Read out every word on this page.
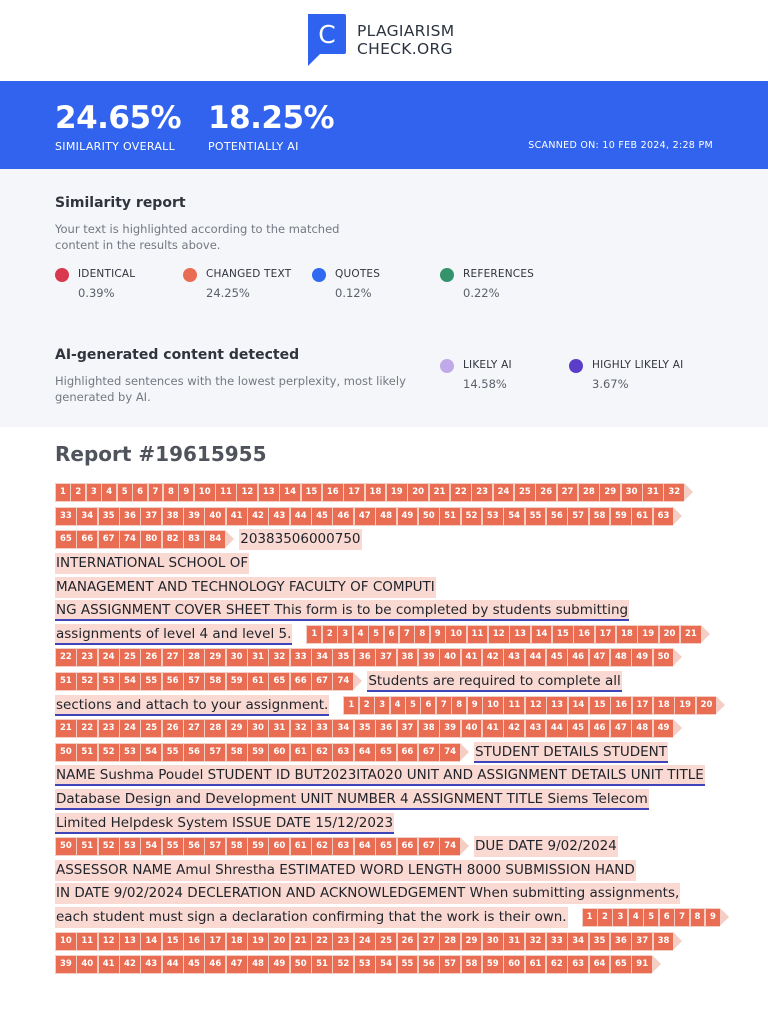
C PLAGIARISM
CHECK.ORG
24.65%
SIMILARITY OVERALL
18.25%
POTENTIALLY AI	SCANNED ON: 10 FEB 2024, 2:28 PM
Similarity report
Your text is highlighted according to the matched
content in the results above.
IDENTICAL
0.39%
CHANGED TEXT
24.25%
QUOTES
0.12%
REFERENCES
0.22%
AI-generated content detected
Highlighted sentences with the lowest perplexity, most likely
generated by AI.
LIKELY AI
14.58%
HIGHLY LIKELY AI
3.67%
Report #19615955
1	2	3	4	5	6	7	8	9	10	11	12	13	14	15	16	17	18	19	20	21	22	23	24	25	26	27	28	29	30	31	32
33	34	35	36	37	38	39	40	41	42	43	44	45	46	47	48	49	50	51	52	53	54	55	56	57	58	59	61	63
65	66	67	74	80	82	83	84 20383506000750
INTERNATIONAL SCHOOL OF
MANAGEMENT AND TECHNOLOGY FACULTY OF COMPUTI
NG ASSIGNMENT COVER SHEET This form is to be completed by students submitting
assignments of level 4 and level 5.	1	2	3	4	5	6	7	8	9	10	11	12	13	14	15	16	17	18	19	20	21
22	23	24	25	26	27	28	29	30	31	32	33	34	35	36	37	38	39	40	41	42	43	44	45	46	47	48	49	50
51	52	53	54	55	56	57	58	59	61	65	66	67	74 Students are required to complete all
sections and attach to your assignment.	1	2	3	4	5	6	7	8	9	10	11	12	13	14	15	16	17	18	19	20
21	22	23	24	25	26	27	28	29	30	31	32	33	34	35	36	37	38	39	40	41	42	43	44	45	46	47	48	49
50	51	52	53	54	55	56	57	58	59	60	61	62	63	64	65	66	67	74 STUDENT DETAILS STUDENT
NAME Sushma Poudel STUDENT ID BUT2023ITA020 UNIT AND ASSIGNMENT DETAILS UNIT TITLE
Database Design and Development UNIT NUMBER 4 ASSIGNMENT TITLE Siems Telecom
Limited Helpdesk System ISSUE DATE 15/12/2023
50	51	52	53	54	55	56	57	58	59	60	61	62	63	64	65	66	67	74 DUE DATE 9/02/2024
ASSESSOR NAME Amul Shrestha ESTIMATED WORD LENGTH 8000 SUBMISSION HAND
IN DATE 9/02/2024 DECLERATION AND ACKNOWLEDGEMENT When submitting assignments,
each student must sign a declaration confirming that the work is their own.	1	2	3	4	5	6	7	8	9
10	11	12	13	14	15	16	17	18	19	20	21	22	23	24	25	26	27	28	29	30	31	32	33	34	35	36	37	38
39	40	41	42	43	44	45	46	47	48	49	50	51	52	53	54	55	56	57	58	59	60	61	62	63	64	65	91
